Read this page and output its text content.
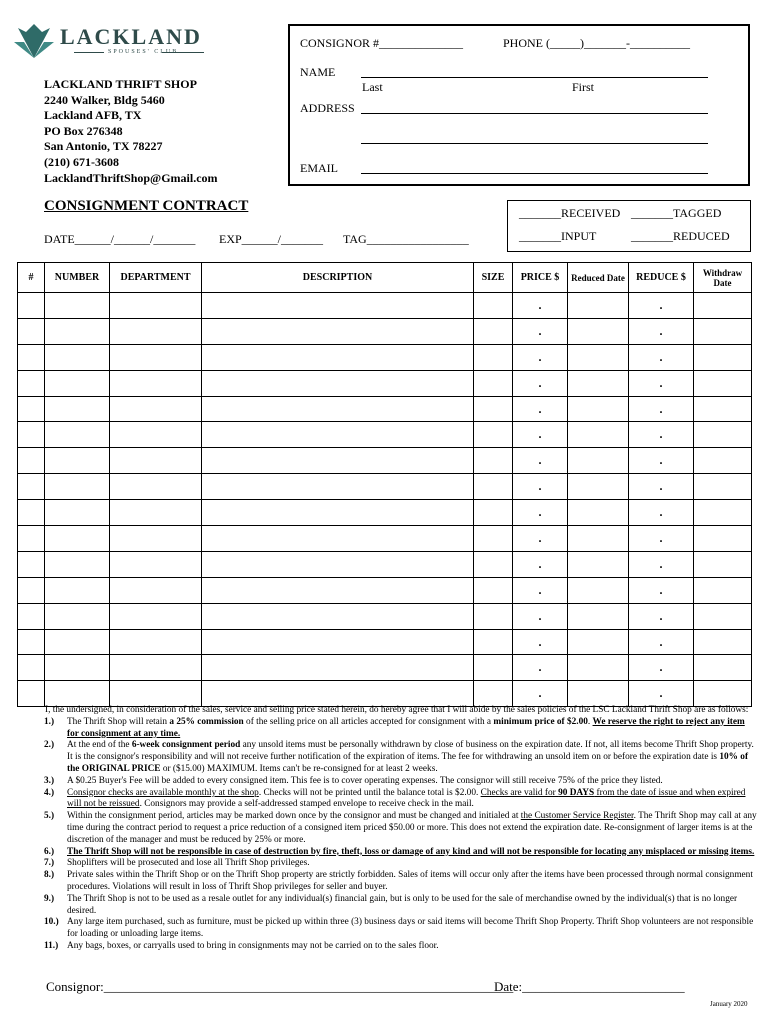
LACKLAND
SPOUSES' CLUB
LACKLAND THRIFT SHOP
2240 Walker, Bldg 5460
Lackland AFB, TX
PO Box 276348
San Antonio, TX 78227
(210) 671-3608
LacklandThriftShop@Gmail.com
CONSIGNOR #______________	PHONE (_____)_______-__________
NAME
Last	First
ADDRESS
EMAIL
CONSIGNMENT CONTRACT
DATE______/______/_______ EXP______/_______ TAG_________________
_______RECEIVED _______TAGGED
_______INPUT	_______REDUCED
#	NUMBER	DEPARTMENT	DESCRIPTION	SIZE	PRICE $	Reduced Date	REDUCE $	Withdraw Date
					.		.	
					.		.	
					.		.	
					.		.	
					.		.	
					.		.	
					.		.	
					.		.	
					.		.	
					.		.	
					.		.	
					.		.	
					.		.	
					.		.	
					.		.	
					.		.	

I, the undersigned, in consideration of the sales, service and selling price stated herein, do hereby agree that I will abide by the sales policies of the LSC Lackland Thrift Shop are as follows:

1.) The Thrift Shop will retain a 25% commission of the selling price on all articles accepted for consignment with a minimum price of $2.00. We reserve the right to reject any item for consignment at any time.

2.) At the end of the 6-week consignment period any unsold items must be personally withdrawn by close of business on the expiration date. If not, all items become Thrift Shop property. It is the consignor's responsibility and will not receive further notification of the expiration of items. The fee for withdrawing an unsold item on or before the expiration date is 10% of the ORIGINAL PRICE or ($15.00) MAXIMUM. Items can't be re-consigned for at least 2 weeks.

3.) A $0.25 Buyer's Fee will be added to every consigned item. This fee is to cover operating expenses. The consignor will still receive 75% of the price they listed.

4.) Consignor checks are available monthly at the shop. Checks will not be printed until the balance total is $2.00. Checks are valid for 90 DAYS from the date of issue and when expired will not be reissued. Consignors may provide a self-addressed stamped envelope to receive check in the mail.

5.) Within the consignment period, articles may be marked down once by the consignor and must be changed and initialed at the Customer Service Register. The Thrift Shop may call at any time during the contract period to request a price reduction of a consigned item priced $50.00 or more. This does not extend the expiration date. Re-consignment of larger items is at the discretion of the manager and must be reduced by 25% or more.

6.) The Thrift Shop will not be responsible in case of destruction by fire, theft, loss or damage of any kind and will not be responsible for locating any misplaced or missing items.

7.) Shoplifters will be prosecuted and lose all Thrift Shop privileges.

8.) Private sales within the Thrift Shop or on the Thrift Shop property are strictly forbidden. Sales of items will occur only after the items have been processed through normal consignment procedures. Violations will result in loss of Thrift Shop privileges for seller and buyer.

9.) The Thrift Shop is not to be used as a resale outlet for any individual(s) financial gain, but is only to be used for the sale of merchandise owned by the individual(s) that is no longer desired.

10.) Any large item purchased, such as furniture, must be picked up within three (3) business days or said items will become Thrift Shop Property. Thrift Shop volunteers are not responsible for loading or unloading large items.

11.) Any bags, boxes, or carryalls used to bring in consignments may not be carried on to the sales floor.

Consignor:_______________________________________________________________
Date:_________________________
January 2020
